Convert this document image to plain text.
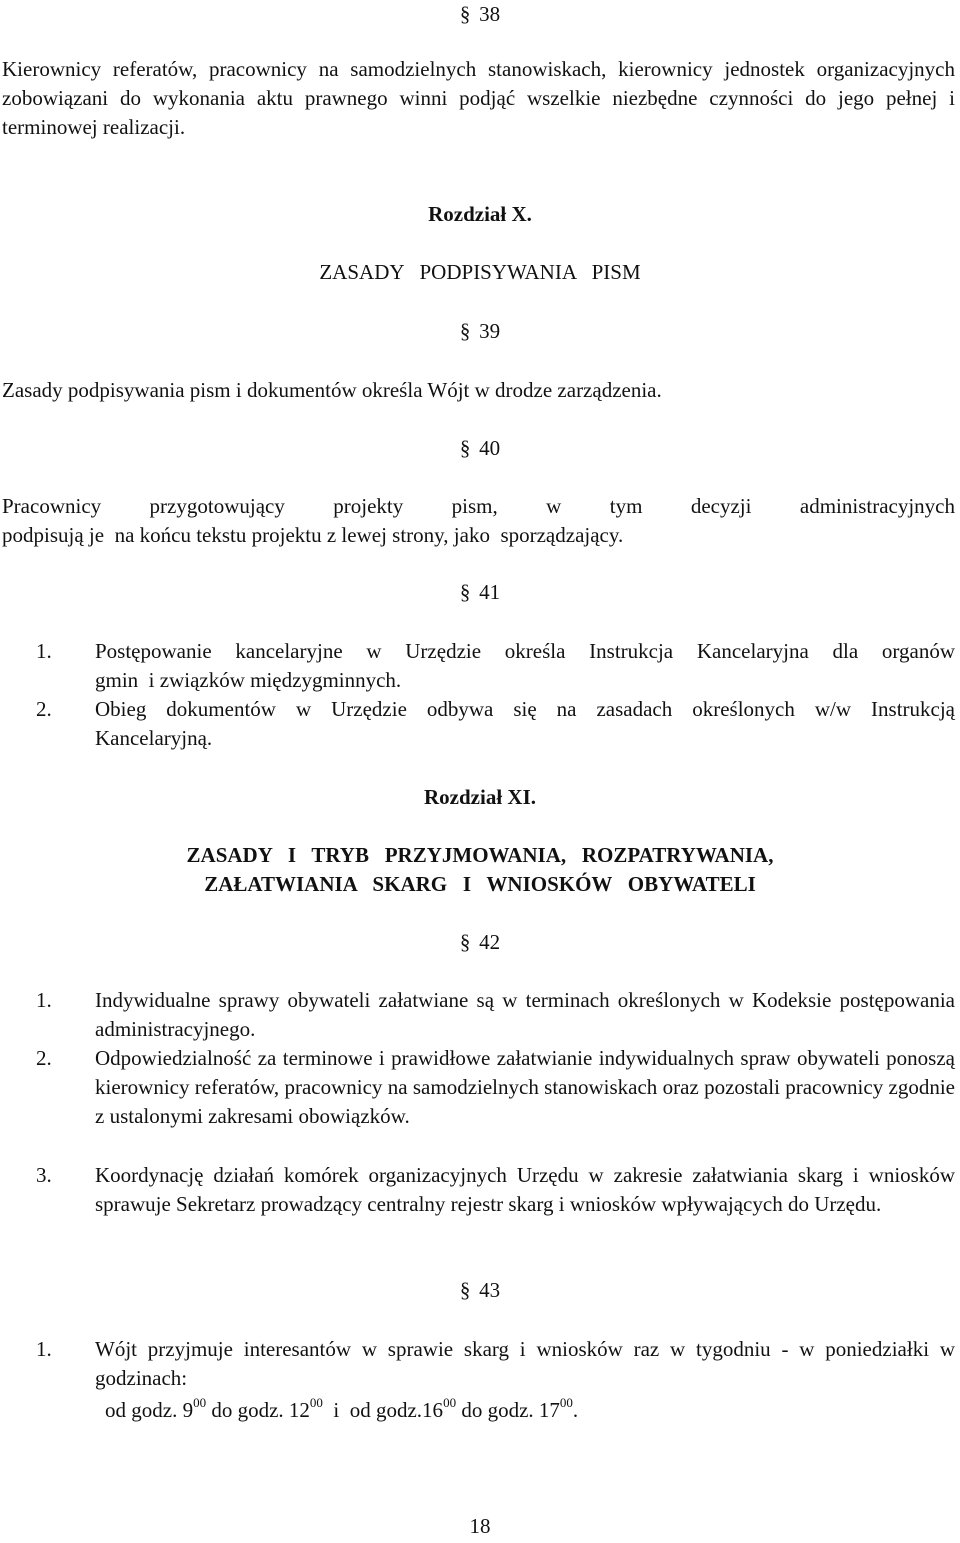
§ 38
Kierownicy referatów, pracownicy na samodzielnych stanowiskach, kierownicy jednostek organizacyjnych zobowiązani do wykonania aktu prawnego winni podjąć wszelkie niezbędne czynności do jego pełnej i terminowej realizacji.
Rozdział X.
ZASADY   PODPISYWANIA   PISM
§ 39
Zasady podpisywania pism i dokumentów określa Wójt w drodze zarządzenia.
§ 40
Pracownicy przygotowujący projekty pism, w tym decyzji administracyjnych
podpisują je  na końcu tekstu projektu z lewej strony, jako  sporządzający.
§ 41
1. Postępowanie kancelaryjne w Urzędzie określa Instrukcja Kancelaryjna dla organów
gmin  i związków międzygminnych.
2. Obieg dokumentów w Urzędzie odbywa się na zasadach określonych w/w Instrukcją
Kancelaryjną.
Rozdział XI.
ZASADY   I   TRYB   PRZYJMOWANIA,   ROZPATRYWANIA,
ZAŁATWIANIA   SKARG   I   WNIOSKÓW   OBYWATELI
§ 42
1. Indywidualne sprawy obywateli załatwiane są w terminach określonych w Kodeksie postępowania administracyjnego.
2. Odpowiedzialność za terminowe i prawidłowe załatwianie indywidualnych spraw obywateli ponoszą kierownicy referatów, pracownicy na samodzielnych stanowiskach oraz pozostali pracownicy zgodnie z ustalonymi zakresami obowiązków.
3. Koordynację działań komórek organizacyjnych Urzędu w zakresie załatwiania skarg i wniosków sprawuje Sekretarz prowadzący centralny rejestr skarg i wniosków wpływających do Urzędu.
§ 43
1. Wójt przyjmuje interesantów w sprawie skarg i wniosków raz w tygodniu - w poniedziałki w godzinach:
od godz. $9^{00}$ do godz. $12^{00}$  i  od $godz.16^{00}$ do godz. $17^{00}$.
18
